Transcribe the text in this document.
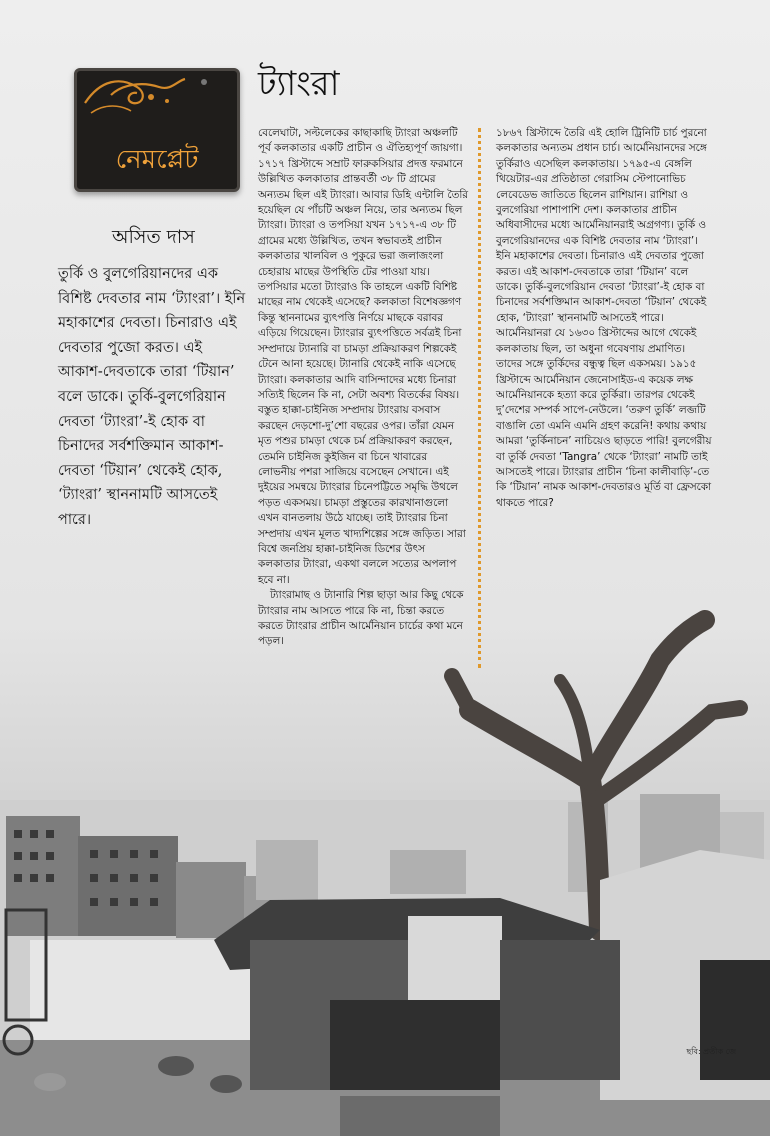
নেমপ্লেট
অসিত দাস

তুর্কি ও বুলগেরিয়ানদের এক বিশিষ্ট দেবতার নাম ‘ট্যাংরা’। ইনি মহাকাশের দেবতা। চিনারাও এই দেবতার পুজো করত। এই আকাশ-দেবতাকে তারা ‘টিয়ান’ বলে ডাকে। তুর্কি-বুলগেরিয়ান দেবতা ‘ট্যাংরা’-ই হোক বা চিনাদের সর্বশক্তিমান আকাশ-দেবতা ‘টিয়ান’ থেকেই হোক, ‘ট্যাংরা’ স্থাননামটি আসতেই পারে।

ট্যাংরা

বেলেঘাটা, সল্টলেকের কাছাকাছি ট্যাংরা অঞ্চলটি পূর্ব কলকাতার একটি প্রাচীন ও ঐতিহ্যপূর্ণ জায়গা। ১৭১৭ খ্রিস্টাব্দে সম্রাট ফারুকসিয়ার প্রদত্ত ফরমানে উল্লিখিত কলকাতার প্রান্তবর্তী ৩৮ টি গ্রামের অন্যতম ছিল এই ট্যাংরা। আবার ডিহি এন্টালি তৈরি হয়েছিল যে পাঁচটি অঞ্চল নিয়ে, তার অন্যতম ছিল ট্যাংরা। ট্যাংরা ও তপসিয়া যখন ১৭১৭-এ ৩৮ টি গ্রামের মধ্যে উল্লিখিত, তখন স্বভাবতই প্রাচীন কলকাতার খালবিল ও পুকুরে ভরা জলাজংলা চেহারায় মাছের উপস্থিতি টের পাওয়া যায়। তপসিয়ার মতো ট্যাংরাও কি তাহলে একটি বিশিষ্ট মাছের নাম থেকেই এসেছে? কলকাতা বিশেষজ্ঞগণ কিন্তু স্থাননামের ব্যুৎপত্তি নির্ণয়ে মাছকে বরাবর এড়িয়ে গিয়েছেন। ট্যাংরার ব্যুৎপত্তিতে সর্বত্রই চিনা সম্প্রদায়ে ট্যানারি বা চামড়া প্রক্রিয়াকরণ শিল্পকেই টেনে আনা হয়েছে। ট্যানারি থেকেই নাকি এসেছে ট্যাংরা। কলকাতার আদি বাসিন্দাদের মধ্যে চিনারা সত্যিই ছিলেন কি না, সেটা অবশ্য বিতর্কের বিষয়। বস্তুত হাক্কা-চাইনিজ সম্প্রদায় ট্যাংরায় বসবাস করছেন দেড়শো-দু’শো বছরের ওপর। তাঁরা যেমন মৃত পশুর চামড়া থেকে চর্ম প্রক্রিয়াকরণ করছেন, তেমনি চাইনিজ কুইজিন বা চিনে খাবারের লোভনীয় পশরা সাজিয়ে বসেছেন সেখানে। এই দুইয়ের সমন্বয়ে ট্যাংরার চিনেপট্টিতে সমৃদ্ধি উথলে পড়ত একসময়। চামড়া প্রস্তুতের কারখানাগুলো এখন বানতলায় উঠে যাচ্ছে। তাই ট্যাংরার চিনা সম্প্রদায় এখন মূলত খাদ্যশিল্পের সঙ্গে জড়িত। সারা বিশ্বে জনপ্রিয় হাক্কা-চাইনিজ ডিশের উৎস কলকাতার ট্যাংরা, একথা বললে সত্যের অপলাপ হবে না।

ট্যাংরামাছ ও ট্যানারি শিল্প ছাড়া আর কিছু থেকে ট্যাংরার নাম আসতে পারে কি না, চিন্তা করতে করতে ট্যাংরার প্রাচীন আর্মেনিয়ান চার্চের কথা মনে পড়ল।

১৮৬৭ খ্রিস্টাব্দে তৈরি এই হোলি ট্রিনিটি চার্চ পুরনো কলকাতার অন্যতম প্রধান চার্চ। আর্মেনিয়ানদের সঙ্গে তুর্কিরাও এসেছিল কলকাতায়। ১৭৯৫-এ বেঙ্গলি থিয়েটার-এর প্রতিষ্ঠাতা গেরাসিম স্টেপানোভিচ লেবেডেভ জাতিতে ছিলেন রাশিয়ান। রাশিয়া ও বুলগেরিয়া পাশাপাশি দেশ। কলকাতার প্রাচীন অধিবাসীদের মধ্যে আর্মেনিয়ানরাই অগ্রগণ্য। তুর্কি ও বুলগেরিয়ানদের এক বিশিষ্ট দেবতার নাম ‘ট্যাংরা’। ইনি মহাকাশের দেবতা। চিনারাও এই দেবতার পুজো করত। এই আকাশ-দেবতাকে তারা ‘টিয়ান’ বলে ডাকে। তুর্কি-বুলগেরিয়ান দেবতা ‘ট্যাংরা’-ই হোক বা চিনাদের সর্বশক্তিমান আকাশ-দেবতা ‘টিয়ান’ থেকেই হোক, ‘ট্যাংরা’ স্থাননামটি আসতেই পারে। আর্মেনিয়ানরা যে ১৬৩০ খ্রিস্টাব্দের আগে থেকেই কলকাতায় ছিল, তা অধুনা গবেষণায় প্রমাণিত। তাদের সঙ্গে তুর্কিদের বন্ধুত্ব ছিল একসময়। ১৯১৫ খ্রিস্টাব্দে আর্মেনিয়ান জেনোসাইড-এ কয়েক লক্ষ আর্মেনিয়ানকে হত্যা করে তুর্কিরা। তারপর থেকেই দু’দেশের সম্পর্ক সাপে-নেউলে। ‘তরুণ তুর্কি’ লব্জটি বাঙালি তো এমনি এমনি গ্রহণ করেনি! কথায় কথায় আমরা ‘তুর্কিনাচন’ নাচিয়েও ছাড়তে পারি! বুলগেরীয় বা তুর্কি দেবতা ‘Tangra’ থেকে ‘ট্যাংরা’ নামটি তাই আসতেই পারে। ট্যাংরার প্রাচীন ‘চিনা কালীবাড়ি’-তে কি ‘টিয়ান’ নামক আকাশ-দেবতারও মূর্তি বা ফ্রেসকো থাকতে পারে?

ছবি: প্রতীক জে
